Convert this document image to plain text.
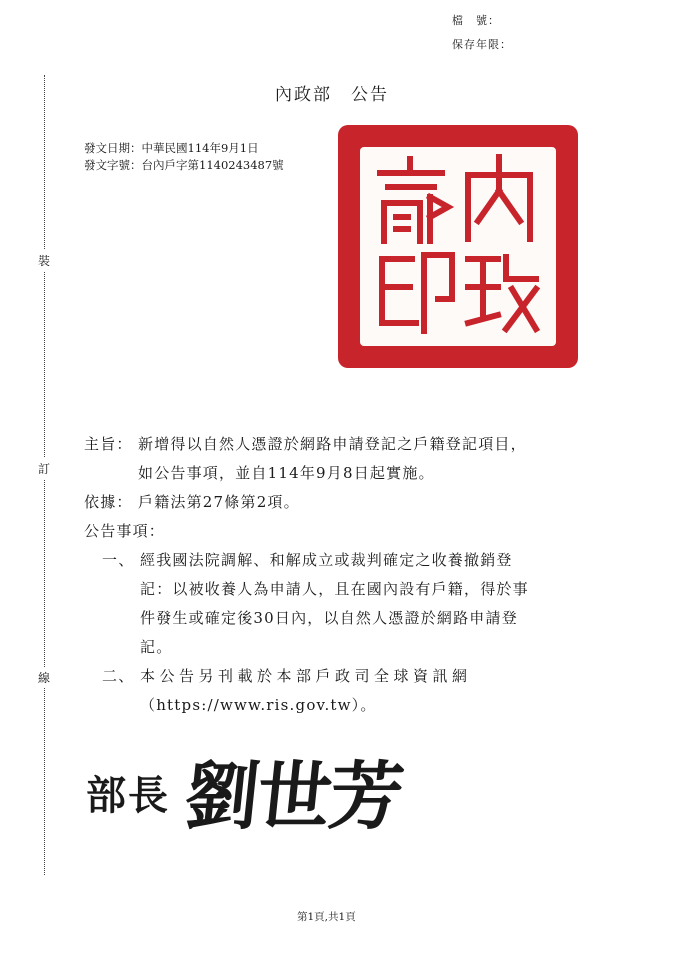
檔　號：
保存年限：
裝
訂
線
內政部　公告
發文日期：中華民國114年9月1日
發文字號：台內戶字第1140243487號
主旨： 新增得以自然人憑證於網路申請登記之戶籍登記項目，
如公告事項，並自114年9月8日起實施。
依據： 戶籍法第27條第2項。
公告事項：
一、 經我國法院調解、和解成立或裁判確定之收養撤銷登
記：以被收養人為申請人，且在國內設有戶籍，得於事
件發生或確定後30日內，以自然人憑證於網路申請登
記。
二、 本公告另刊載於本部戶政司全球資訊網
（https://www.ris.gov.tw）。
部長 劉世芳
第1頁,共1頁
